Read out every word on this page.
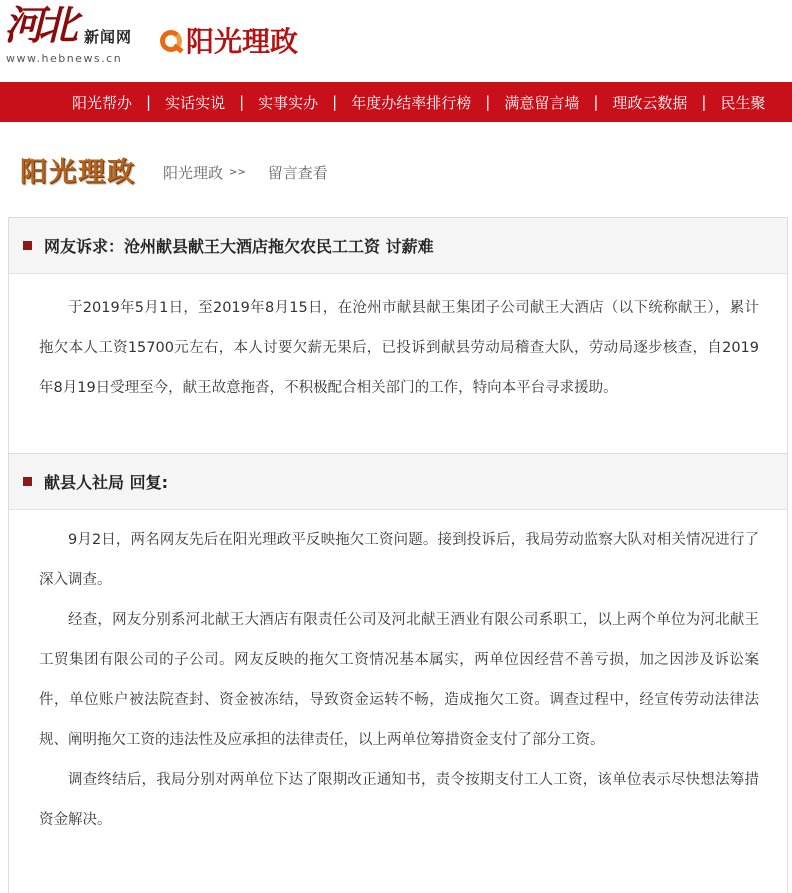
河北 新闻网
www.hebnews.cn
阳光理政
阳光帮办 | 实话实说 | 实事实办 | 年度办结率排行榜 | 满意留言墙 | 理政云数据 | 民生聚
阳光理政 阳光理政 >> 留言查看
网友诉求：沧州献县献王大酒店拖欠农民工工资 讨薪难

于2019年5月1日，至2019年8月15日，在沧州市献县献王集团子公司献王大酒店（以下统称献王），累计拖欠本人工资15700元左右，本人讨要欠薪无果后，已投诉到献县劳动局稽查大队，劳动局逐步核查，自2019年8月19日受理至今，献王故意拖沓，不积极配合相关部门的工作，特向本平台寻求援助。

献县人社局 回复:

9月2日，两名网友先后在阳光理政平反映拖欠工资问题。接到投诉后，我局劳动监察大队对相关情况进行了深入调查。

经查，网友分别系河北献王大酒店有限责任公司及河北献王酒业有限公司系职工，以上两个单位为河北献王工贸集团有限公司的子公司。网友反映的拖欠工资情况基本属实，两单位因经营不善亏损，加之因涉及诉讼案件，单位账户被法院查封、资金被冻结，导致资金运转不畅，造成拖欠工资。调查过程中，经宣传劳动法律法规、阐明拖欠工资的违法性及应承担的法律责任，以上两单位筹措资金支付了部分工资。

调查终结后，我局分别对两单位下达了限期改正通知书，责令按期支付工人工资，该单位表示尽快想法筹措资金解决。
